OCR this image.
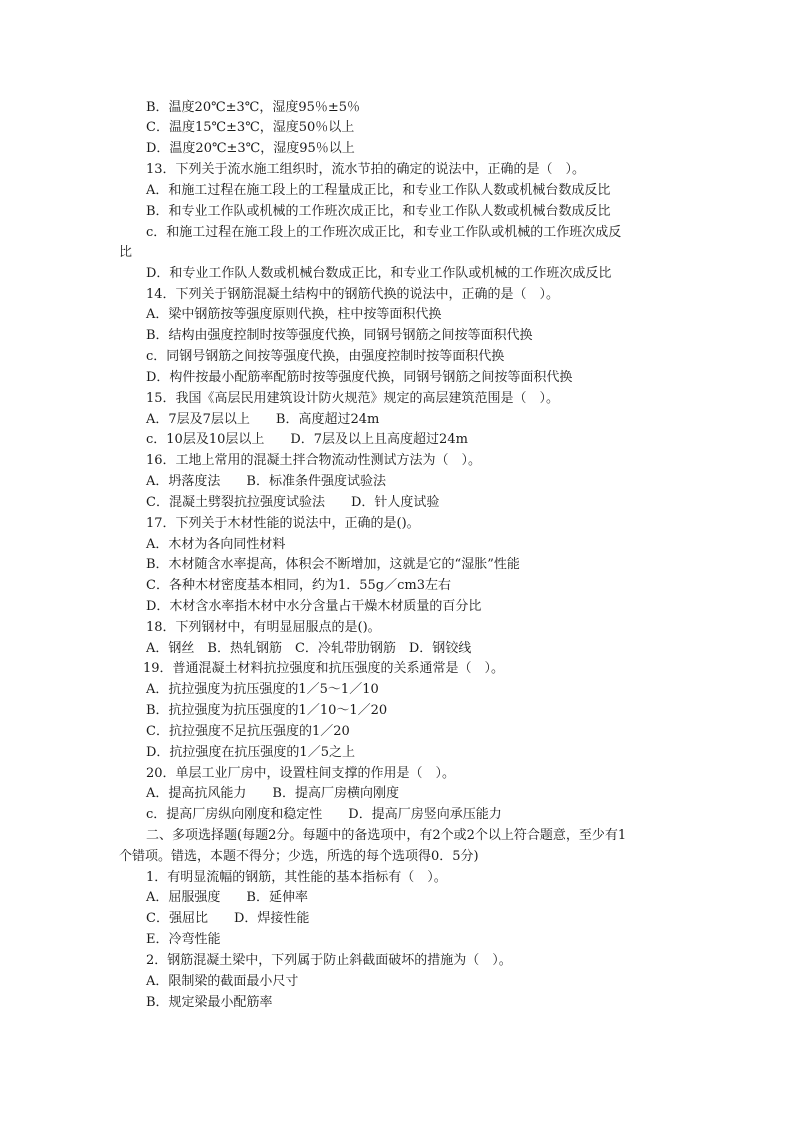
B．温度20℃±3℃，湿度95％±5％
C．温度15℃±3℃，湿度50％以上
D．温度20℃±3℃，湿度95％以上
13．下列关于流水施工组织时，流水节拍的确定的说法中，正确的是（　）。
A．和施工过程在施工段上的工程量成正比，和专业工作队人数或机械台数成反比
B．和专业工作队或机械的工作班次成正比，和专业工作队人数或机械台数成反比
c．和施工过程在施工段上的工作班次成正比，和专业工作队或机械的工作班次成反
比
D．和专业工作队人数或机械台数成正比，和专业工作队或机械的工作班次成反比
14．下列关于钢筋混凝土结构中的钢筋代换的说法中，正确的是（　）。
A．梁中钢筋按等强度原则代换，柱中按等面积代换
B．结构由强度控制时按等强度代换，同钢号钢筋之间按等面积代换
c．同钢号钢筋之间按等强度代换，由强度控制时按等面积代换
D．构件按最小配筋率配筋时按等强度代换，同钢号钢筋之间按等面积代换
15．我国《高层民用建筑设计防火规范》规定的高层建筑范围是（　）。
A．7层及7层以上　　B．高度超过24m
c．10层及10层以上　　D．7层及以上且高度超过24m
16．工地上常用的混凝土拌合物流动性测试方法为（　）。
A．坍落度法　　B．标准条件强度试验法
C．混凝土劈裂抗拉强度试验法　　D．针人度试验
17．下列关于木材性能的说法中，正确的是()。
A．木材为各向同性材料
B．木材随含水率提高，体积会不断增加，这就是它的“湿胀”性能
C．各种木材密度基本相同，约为1．55g／cm3左右
D．木材含水率指木材中水分含量占干燥木材质量的百分比
18．下列钢材中，有明显屈服点的是()。
A．钢丝　B．热轧钢筋　C．冷轧带肋钢筋　D．钢铰线
19．普通混凝土材料抗拉强度和抗压强度的关系通常是（　）。
A．抗拉强度为抗压强度的1／5～1／10
B．抗拉强度为抗压强度的1／10～1／20
C．抗拉强度不足抗压强度的1／20
D．抗拉强度在抗压强度的1／5之上
20．单层工业厂房中，设置柱间支撑的作用是（　）。
A．提高抗风能力　　B．提高厂房横向刚度
c．提高厂房纵向刚度和稳定性　　D．提高厂房竖向承压能力
二、多项选择题(每题2分。每题中的备选项中，有2个或2个以上符合题意，至少有1
个错项。错选，本题不得分；少选，所选的每个选项得0．5分)
1．有明显流幅的钢筋，其性能的基本指标有（　）。
A．屈服强度　　B．延伸率
C．强屈比　　D．焊接性能
E．冷弯性能
2．钢筋混凝土梁中，下列属于防止斜截面破坏的措施为（　）。
A．限制梁的截面最小尺寸
B．规定梁最小配筋率
